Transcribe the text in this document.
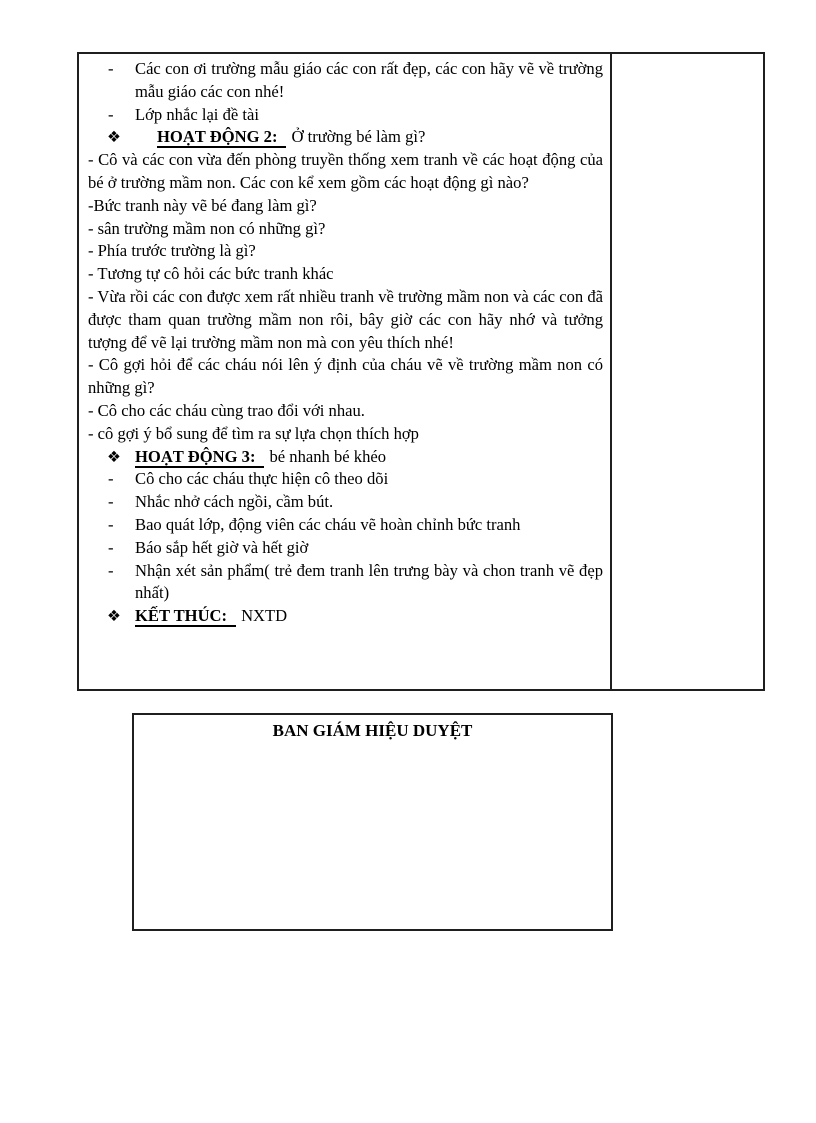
- Các con ơi trường mẫu giáo các con rất đẹp, các con hãy vẽ về trường mẫu giáo các con nhé!
- Lớp nhắc lại đề tài
❖ HOẠT ĐỘNG 2: Ở trường bé làm gì?

- Cô và các con vừa đến phòng truyền thống xem tranh về các hoạt động của bé ở trường mầm non. Các con kể xem gồm các hoạt động gì nào?

-Bức tranh này vẽ bé đang làm gì?

- sân trường mầm non có những gì?

- Phía trước trường là gì?

- Tương tự cô hỏi các bức tranh khác

- Vừa rồi các con được xem rất nhiều tranh về trường mầm non và các con đã được tham quan trường mầm non rôi, bây giờ các con hãy nhớ và tưởng tượng để vẽ lại trường mầm non mà con yêu thích nhé!

- Cô gợi hỏi để các cháu nói lên ý định của cháu vẽ về trường mầm non có những gì?

- Cô cho các cháu cùng trao đổi với nhau.

- cô gợi ý bổ sung để tìm ra sự lựa chọn thích hợp

❖ HOẠT ĐỘNG 3: bé nhanh bé khéo
- Cô cho các cháu thực hiện cô theo dõi
- Nhắc nhở cách ngồi, cầm bút.
- Bao quát lớp, động viên các cháu vẽ hoàn chỉnh bức tranh
- Báo sắp hết giờ và hết giờ
- Nhận xét sản phẩm( trẻ đem tranh lên trưng bày và chon tranh vẽ đẹp nhất)
❖ KẾT THÚC: NXTD
BAN GIÁM HIỆU DUYỆT
